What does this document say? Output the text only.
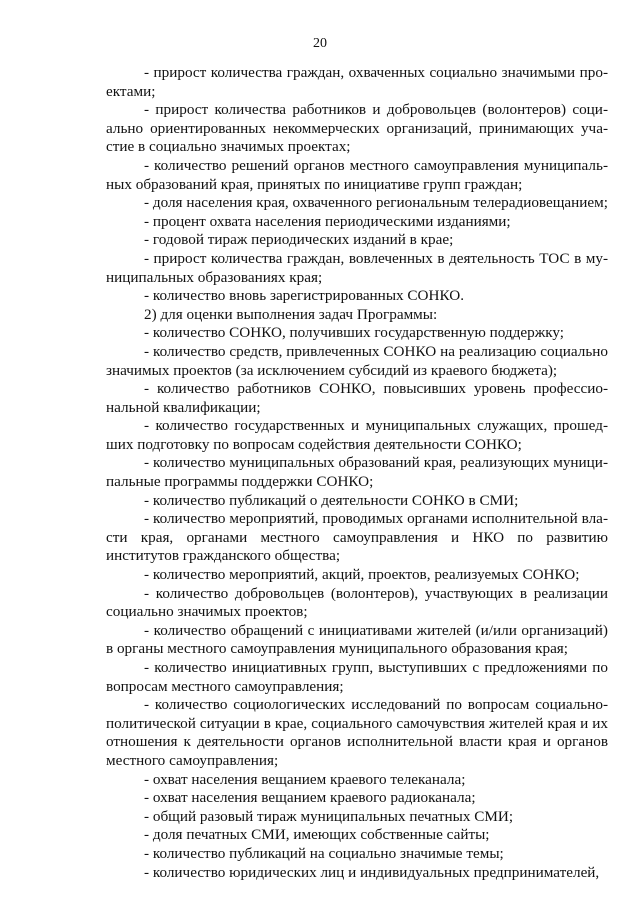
20

- прирост количества граждан, охваченных социально значимыми проектами;

- прирост количества работников и добровольцев (волонтеров) социально ориентированных некоммерческих организаций, принимающих участие в социально значимых проектах;

- количество решений органов местного самоуправления муниципальных образований края, принятых по инициативе групп граждан;

- доля населения края, охваченного региональным телерадиовещанием;

- процент охвата населения периодическими изданиями;

- годовой тираж периодических изданий в крае;

- прирост количества граждан, вовлеченных в деятельность ТОС в муниципальных образованиях края;

- количество вновь зарегистрированных СОНКО.

2) для оценки выполнения задач Программы:

- количество СОНКО, получивших государственную поддержку;

- количество средств, привлеченных СОНКО на реализацию социально значимых проектов (за исключением субсидий из краевого бюджета);

- количество работников СОНКО, повысивших уровень профессиональной квалификации;

- количество государственных и муниципальных служащих, прошедших подготовку по вопросам содействия деятельности СОНКО;

- количество муниципальных образований края, реализующих муниципальные программы поддержки СОНКО;

- количество публикаций о деятельности СОНКО в СМИ;

- количество мероприятий, проводимых органами исполнительной власти края, органами местного самоуправления и НКО по развитию институтов гражданского общества;

- количество мероприятий, акций, проектов, реализуемых СОНКО;

- количество добровольцев (волонтеров), участвующих в реализации социально значимых проектов;

- количество обращений с инициативами жителей (и/или организаций) в органы местного самоуправления муниципального образования края;

- количество инициативных групп, выступивших с предложениями по вопросам местного самоуправления;

- количество социологических исследований по вопросам социально-политической ситуации в крае, социального самочувствия жителей края и их отношения к деятельности органов исполнительной власти края и органов местного самоуправления;

- охват населения вещанием краевого телеканала;

- охват населения вещанием краевого радиоканала;

- общий разовый тираж муниципальных печатных СМИ;

- доля печатных СМИ, имеющих собственные сайты;

- количество публикаций на социально значимые темы;

- количество юридических лиц и индивидуальных предпринимателей,
